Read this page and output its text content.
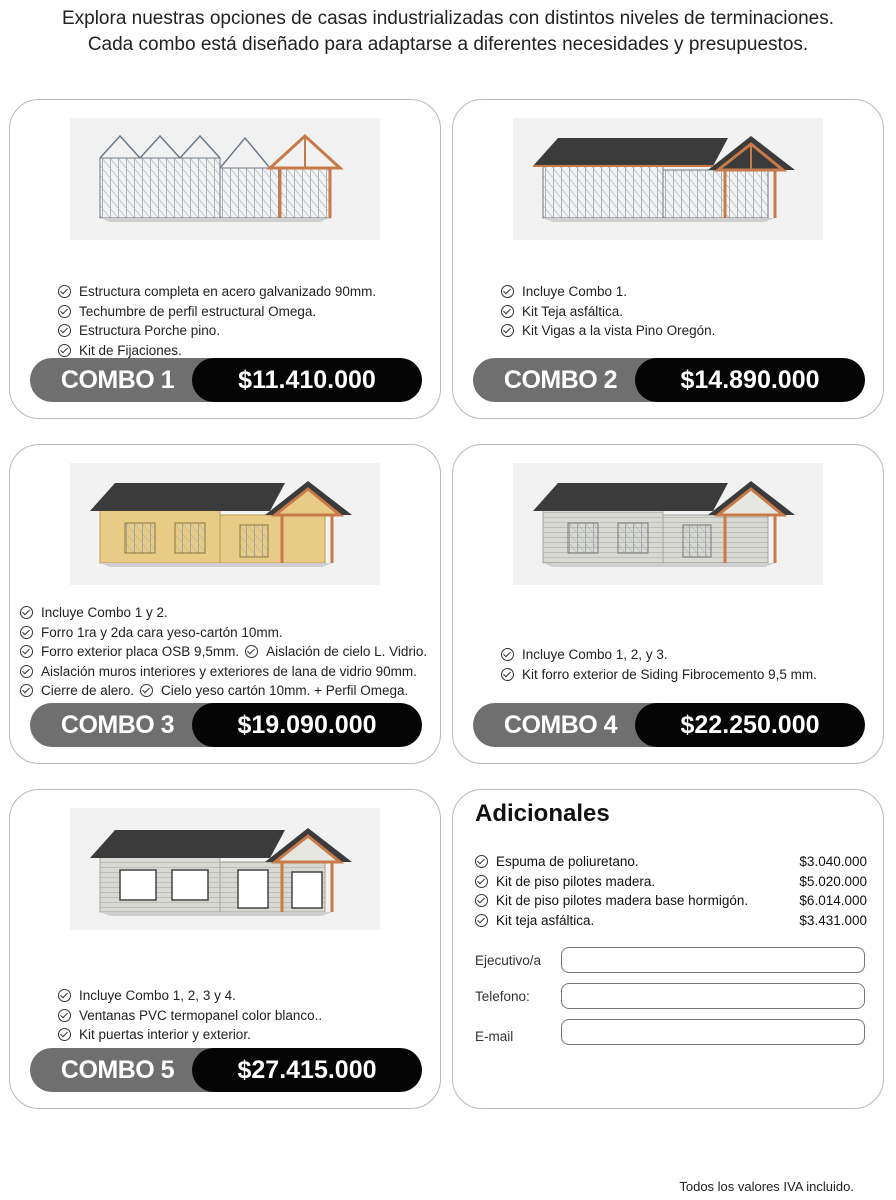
Explora nuestras opciones de casas industrializadas con distintos niveles de terminaciones.
Cada combo está diseñado para adaptarse a diferentes necesidades y presupuestos.
Estructura completa en acero galvanizado 90mm.
Techumbre de perfil estructural Omega.
Estructura Porche pino.
Kit de Fijaciones.
COMBO 1	$11.410.000
Incluye Combo 1.
Kit Teja asfáltica.
Kit Vigas a la vista Pino Oregón.
COMBO 2	$14.890.000
Incluye Combo 1 y 2.
Forro 1ra y 2da cara yeso-cartón 10mm.
Forro exterior placa OSB 9,5mm. Aislación de cielo L. Vidrio.
Aislación muros interiores y exteriores de lana de vidrio 90mm.
Cierre de alero. Cielo yeso cartón 10mm. + Perfil Omega.
COMBO 3	$19.090.000
Incluye Combo 1, 2, y 3.
Kit forro exterior de Siding Fibrocemento 9,5 mm.
COMBO 4	$22.250.000
Incluye Combo 1, 2, 3 y 4.
Ventanas PVC termopanel color blanco..
Kit puertas interior y exterior.
COMBO 5	$27.415.000
Adicionales
Espuma de poliuretano.	$3.040.000
Kit de piso pilotes madera.	$5.020.000
Kit de piso pilotes madera base hormigón.	$6.014.000
Kit teja asfáltica.	$3.431.000
Ejecutivo/a
Telefono:
E-mail
Todos los valores IVA incluido.
